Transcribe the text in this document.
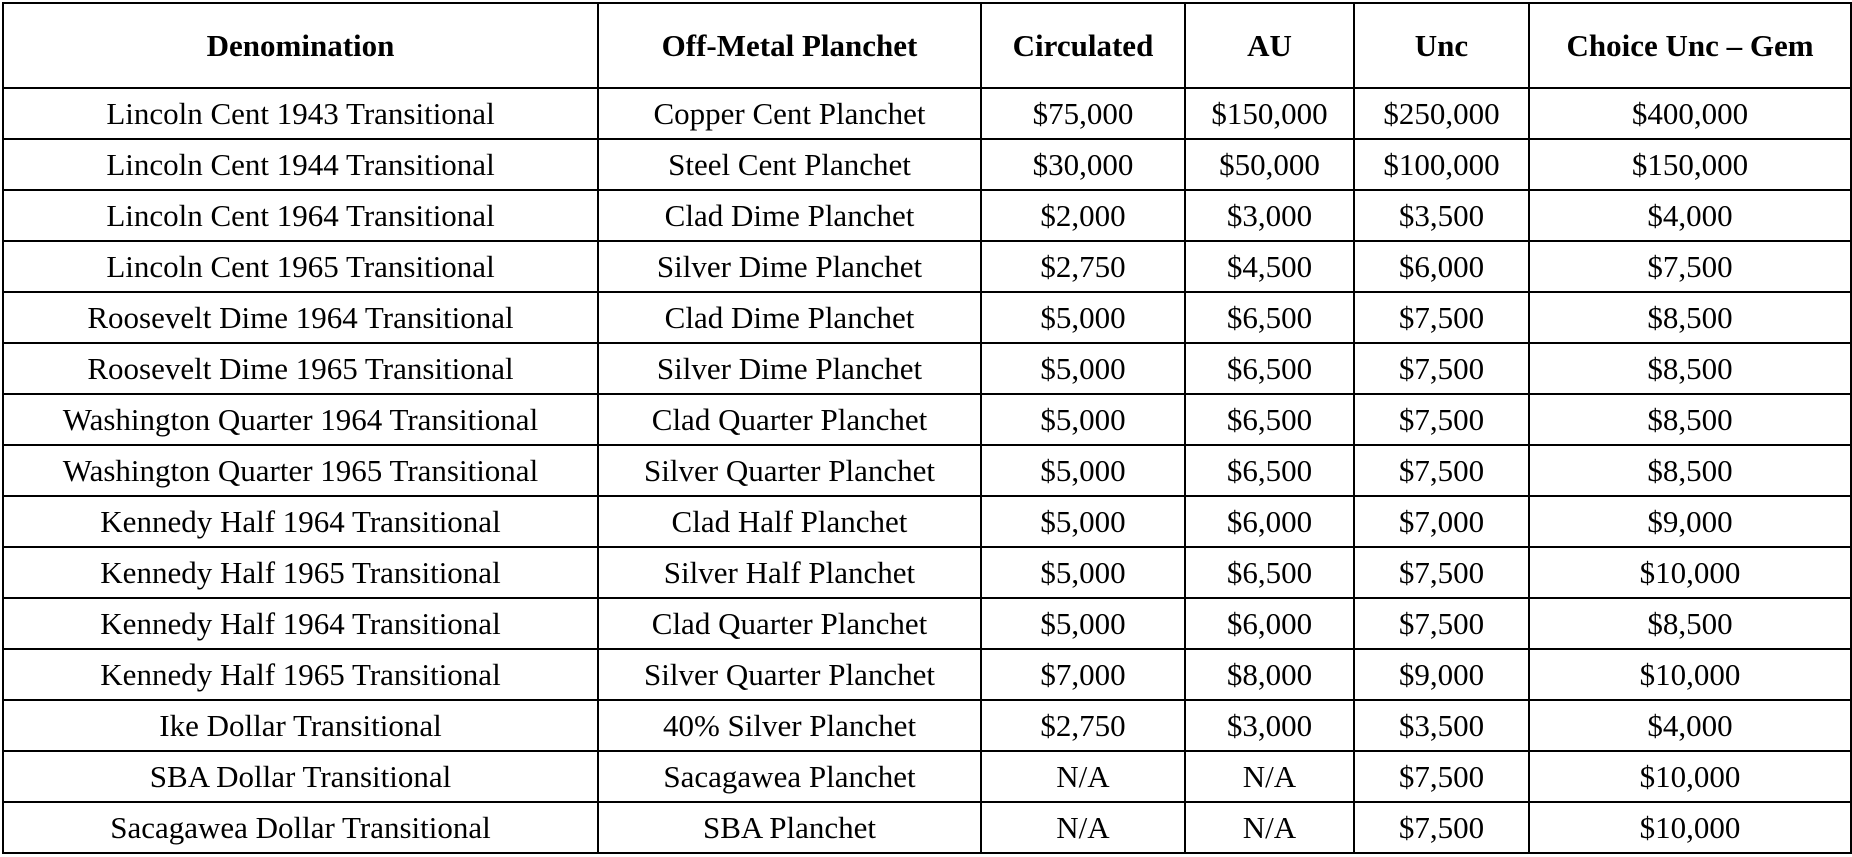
Denomination	Off-Metal Planchet	Circulated	AU	Unc	Choice Unc – Gem
Lincoln Cent 1943 Transitional	Copper Cent Planchet	$75,000	$150,000	$250,000	$400,000
Lincoln Cent 1944 Transitional	Steel Cent Planchet	$30,000	$50,000	$100,000	$150,000
Lincoln Cent 1964 Transitional	Clad Dime Planchet	$2,000	$3,000	$3,500	$4,000
Lincoln Cent 1965 Transitional	Silver Dime Planchet	$2,750	$4,500	$6,000	$7,500
Roosevelt Dime 1964 Transitional	Clad Dime Planchet	$5,000	$6,500	$7,500	$8,500
Roosevelt Dime 1965 Transitional	Silver Dime Planchet	$5,000	$6,500	$7,500	$8,500
Washington Quarter 1964 Transitional	Clad Quarter Planchet	$5,000	$6,500	$7,500	$8,500
Washington Quarter 1965 Transitional	Silver Quarter Planchet	$5,000	$6,500	$7,500	$8,500
Kennedy Half 1964 Transitional	Clad Half Planchet	$5,000	$6,000	$7,000	$9,000
Kennedy Half 1965 Transitional	Silver Half Planchet	$5,000	$6,500	$7,500	$10,000
Kennedy Half 1964 Transitional	Clad Quarter Planchet	$5,000	$6,000	$7,500	$8,500
Kennedy Half 1965 Transitional	Silver Quarter Planchet	$7,000	$8,000	$9,000	$10,000
Ike Dollar Transitional	40% Silver Planchet	$2,750	$3,000	$3,500	$4,000
SBA Dollar Transitional	Sacagawea Planchet	N/A	N/A	$7,500	$10,000
Sacagawea Dollar Transitional	SBA Planchet	N/A	N/A	$7,500	$10,000
